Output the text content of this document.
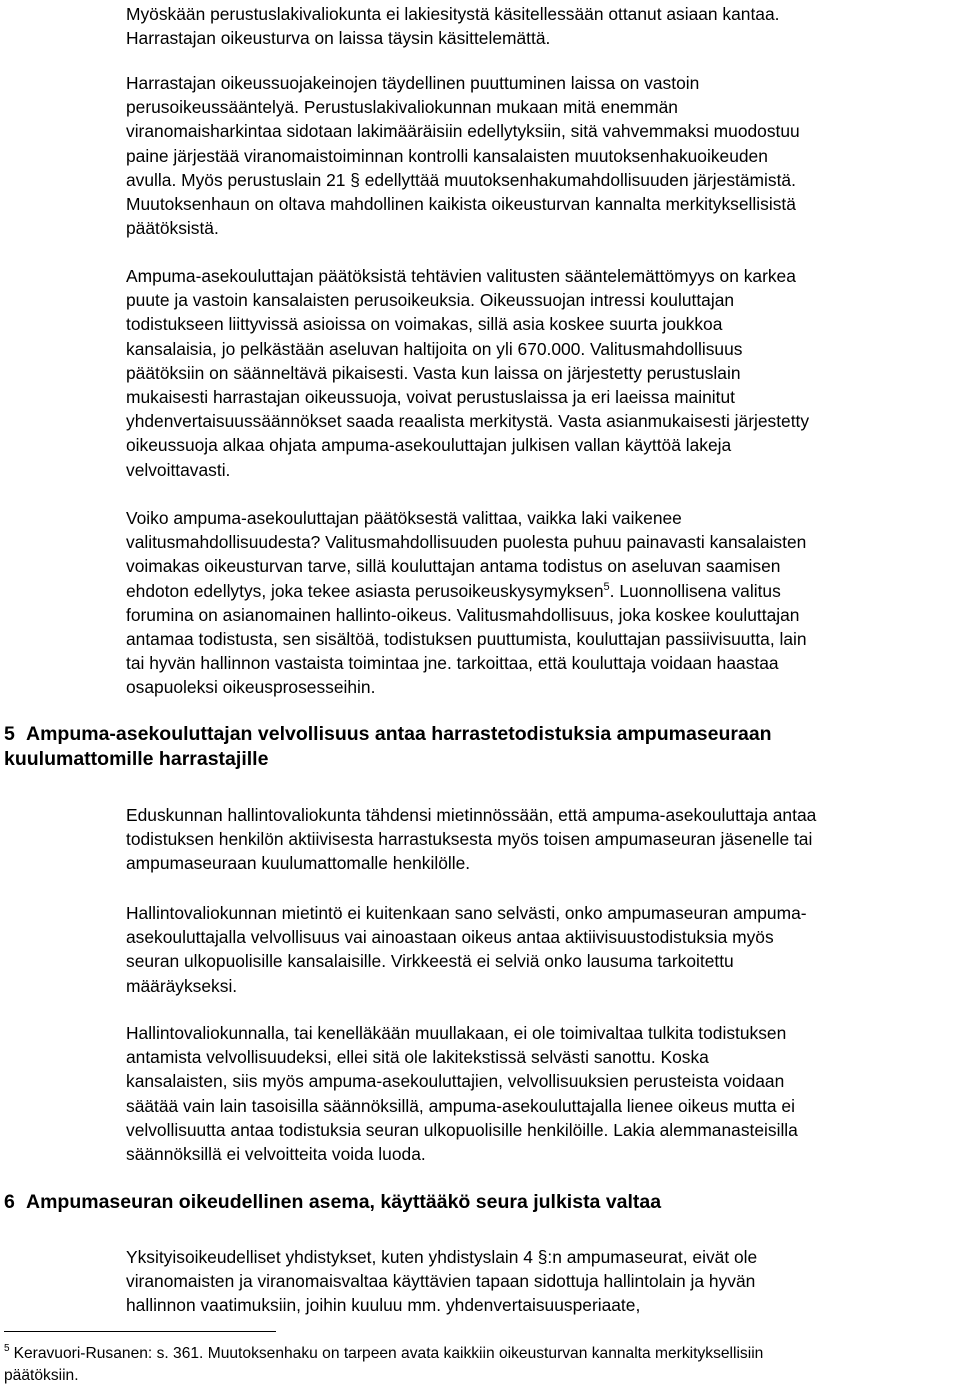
Myöskään perustuslakivaliokunta ei lakiesitystä käsitellessään ottanut asiaan kantaa.
Harrastajan oikeusturva on laissa täysin käsittelemättä.
Harrastajan oikeussuojakeinojen täydellinen puuttuminen laissa on vastoin
perusoikeussääntelyä. Perustuslakivaliokunnan mukaan mitä enemmän
viranomaisharkintaa sidotaan lakimääräisiin edellytyksiin, sitä vahvemmaksi muodostuu
paine järjestää viranomaistoiminnan kontrolli kansalaisten muutoksenhakuoikeuden
avulla. Myös perustuslain 21 § edellyttää muutoksenhakumahdollisuuden järjestämistä.
Muutoksenhaun on oltava mahdollinen kaikista oikeusturvan kannalta merkityksellisistä
päätöksistä.
Ampuma-asekouluttajan päätöksistä tehtävien valitusten sääntelemättömyys on karkea
puute ja vastoin kansalaisten perusoikeuksia. Oikeussuojan intressi kouluttajan
todistukseen liittyvissä asioissa on voimakas, sillä asia koskee suurta joukkoa
kansalaisia, jo pelkästään aseluvan haltijoita on yli 670.000. Valitusmahdollisuus
päätöksiin on säänneltävä pikaisesti. Vasta kun laissa on järjestetty perustuslain
mukaisesti harrastajan oikeussuoja, voivat perustuslaissa ja eri laeissa mainitut
yhdenvertaisuussäännökset saada reaalista merkitystä. Vasta asianmukaisesti järjestetty
oikeussuoja alkaa ohjata ampuma-asekouluttajan julkisen vallan käyttöä lakeja
velvoittavasti.
Voiko ampuma-asekouluttajan päätöksestä valittaa, vaikka laki vaikenee
valitusmahdollisuudesta? Valitusmahdollisuuden puolesta puhuu painavasti kansalaisten
voimakas oikeusturvan tarve, sillä kouluttajan antama todistus on aseluvan saamisen
ehdoton edellytys, joka tekee asiasta perusoikeuskysymyksen$^5$. Luonnollisena valitus
forumina on asianomainen hallinto-oikeus. Valitusmahdollisuus, joka koskee kouluttajan
antamaa todistusta, sen sisältöä, todistuksen puuttumista, kouluttajan passiivisuutta, lain
tai hyvän hallinnon vastaista toimintaa jne. tarkoittaa, että kouluttaja voidaan haastaa
osapuoleksi oikeusprosesseihin.
5 Ampuma-asekouluttajan velvollisuus antaa harrastetodistuksia ampumaseuraan
kuulumattomille harrastajille
Eduskunnan hallintovaliokunta tähdensi mietinnössään, että ampuma-asekouluttaja antaa
todistuksen henkilön aktiivisesta harrastuksesta myös toisen ampumaseuran jäsenelle tai
ampumaseuraan kuulumattomalle henkilölle.
Hallintovaliokunnan mietintö ei kuitenkaan sano selvästi, onko ampumaseuran ampuma-
asekouluttajalla velvollisuus vai ainoastaan oikeus antaa aktiivisuustodistuksia myös
seuran ulkopuolisille kansalaisille. Virkkeestä ei selviä onko lausuma tarkoitettu
määräykseksi.
Hallintovaliokunnalla, tai kenelläkään muullakaan, ei ole toimivaltaa tulkita todistuksen
antamista velvollisuudeksi, ellei sitä ole lakitekstissä selvästi sanottu. Koska
kansalaisten, siis myös ampuma-asekouluttajien, velvollisuuksien perusteista voidaan
säätää vain lain tasoisilla säännöksillä, ampuma-asekouluttajalla lienee oikeus mutta ei
velvollisuutta antaa todistuksia seuran ulkopuolisille henkilöille. Lakia alemmanasteisilla
säännöksillä ei velvoitteita voida luoda.
6 Ampumaseuran oikeudellinen asema, käyttääkö seura julkista valtaa
Yksityisoikeudelliset yhdistykset, kuten yhdistyslain 4 §:n ampumaseurat, eivät ole
viranomaisten ja viranomaisvaltaa käyttävien tapaan sidottuja hallintolain ja hyvän
hallinnon vaatimuksiin, joihin kuuluu mm. yhdenvertaisuusperiaate,
$^5$ Keravuori-Rusanen: s. 361. Muutoksenhaku on tarpeen avata kaikkiin oikeusturvan kannalta merkityksellisiin
päätöksiin.
